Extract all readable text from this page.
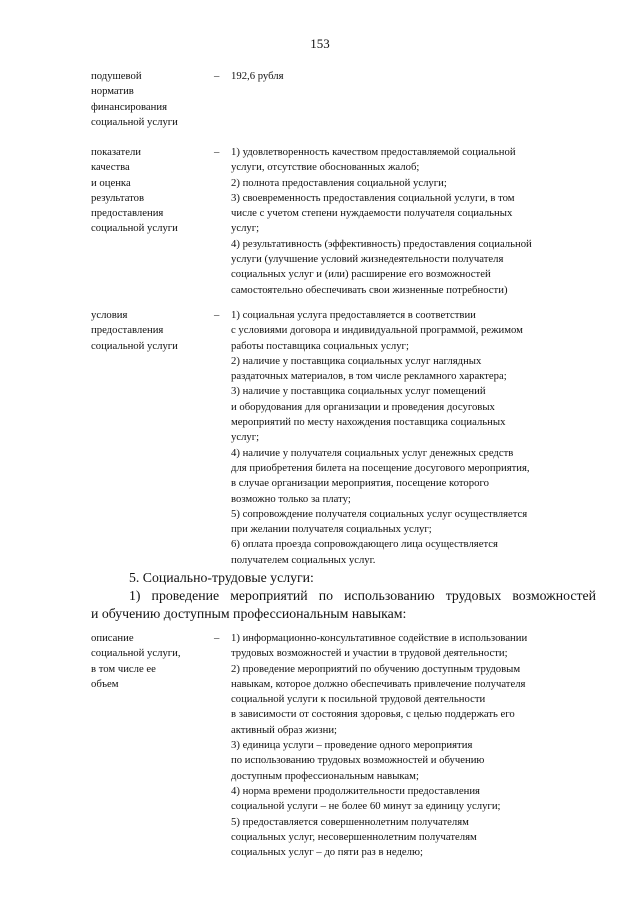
153
подушевой
норматив
финансирования
социальной услуги
– 192,6 рубля
показатели
качества
и оценка
результатов
предоставления
социальной услуги
– 1) удовлетворенность качеством предоставляемой социальной
услуги, отсутствие обоснованных жалоб;
2) полнота предоставления социальной услуги;
3) своевременность предоставления социальной услуги, в том
числе с учетом степени нуждаемости получателя социальных
услуг;
4) результативность (эффективность) предоставления социальной
услуги (улучшение условий жизнедеятельности получателя
социальных услуг и (или) расширение его возможностей
самостоятельно обеспечивать свои жизненные потребности)
условия
предоставления
социальной услуги
– 1) социальная услуга предоставляется в соответствии
с условиями договора и индивидуальной программой, режимом
работы поставщика социальных услуг;
2) наличие у поставщика социальных услуг наглядных
раздаточных материалов, в том числе рекламного характера;
3) наличие у поставщика социальных услуг помещений
и оборудования для организации и проведения досуговых
мероприятий по месту нахождения поставщика социальных
услуг;
4) наличие у получателя социальных услуг денежных средств
для приобретения билета на посещение досугового мероприятия,
в случае организации мероприятия, посещение которого
возможно только за плату;
5) сопровождение получателя социальных услуг осуществляется
при желании получателя социальных услуг;
6) оплата проезда сопровождающего лица осуществляется
получателем социальных услуг.
5. Социально-трудовые услуги:
1) проведение мероприятий по использованию трудовых возможностей
и обучению доступным профессиональным навыкам:
описание
социальной услуги,
в том числе ее
объем
– 1) информационно-консультативное содействие в использовании
трудовых возможностей и участии в трудовой деятельности;
2) проведение мероприятий по обучению доступным трудовым
навыкам, которое должно обеспечивать привлечение получателя
социальной услуги к посильной трудовой деятельности
в зависимости от состояния здоровья, с целью поддержать его
активный образ жизни;
3) единица услуги – проведение одного мероприятия
по использованию трудовых возможностей и обучению
доступным профессиональным навыкам;
4) норма времени продолжительности предоставления
социальной услуги – не более 60 минут за единицу услуги;
5) предоставляется совершеннолетним получателям
социальных услуг, несовершеннолетним получателям
социальных услуг – до пяти раз в неделю;
